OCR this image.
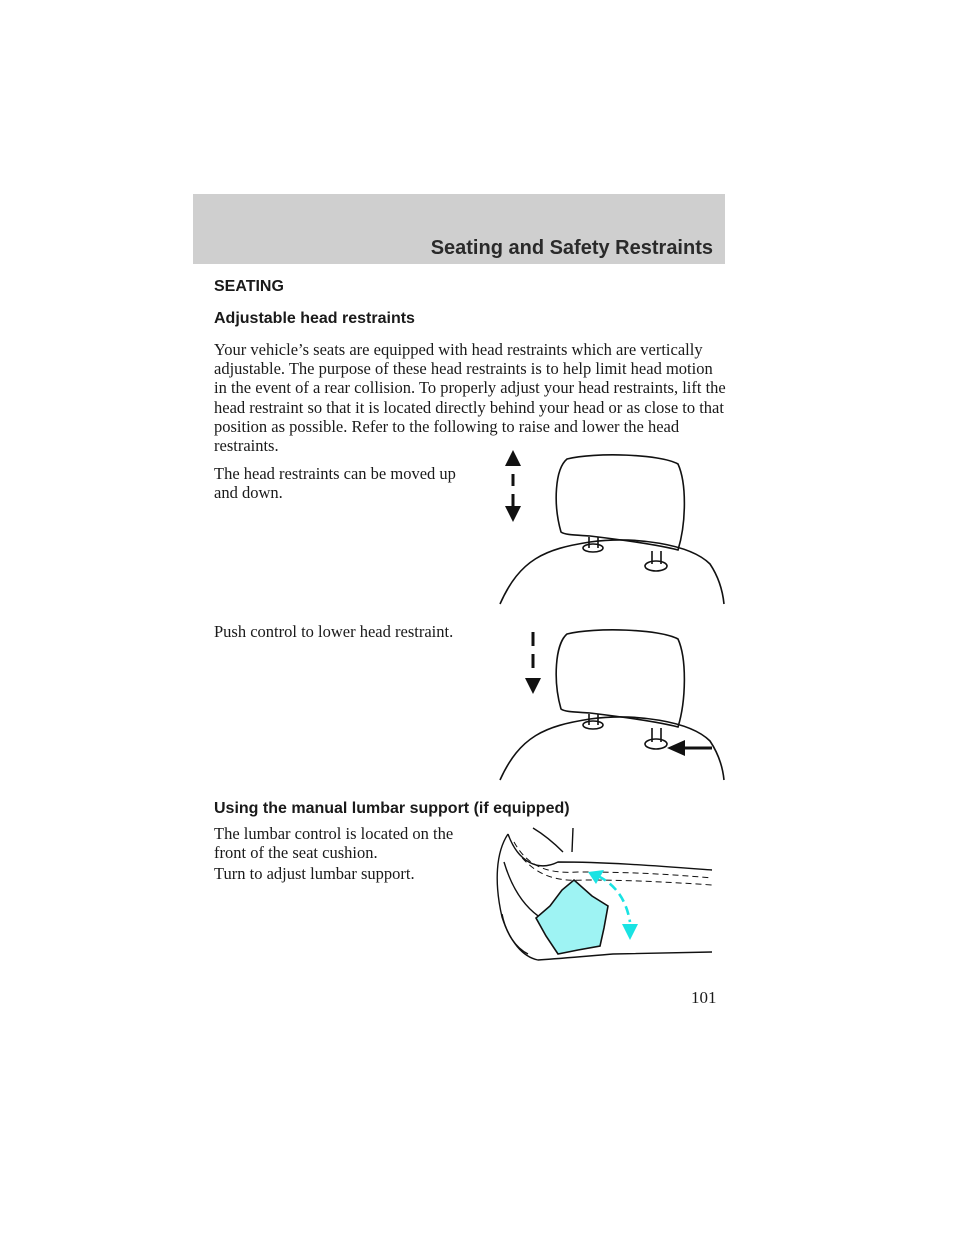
Seating and Safety Restraints
SEATING
Adjustable head restraints
Your vehicle’s seats are equipped with head restraints which are vertically adjustable. The purpose of these head restraints is to help limit head motion in the event of a rear collision. To properly adjust your head restraints, lift the head restraint so that it is located directly behind your head or as close to that position as possible. Refer to the following to raise and lower the head restraints.
The head restraints can be moved up and down.
Push control to lower head restraint.
Using the manual lumbar support (if equipped)
The lumbar control is located on the front of the seat cushion.
Turn to adjust lumbar support.
101
